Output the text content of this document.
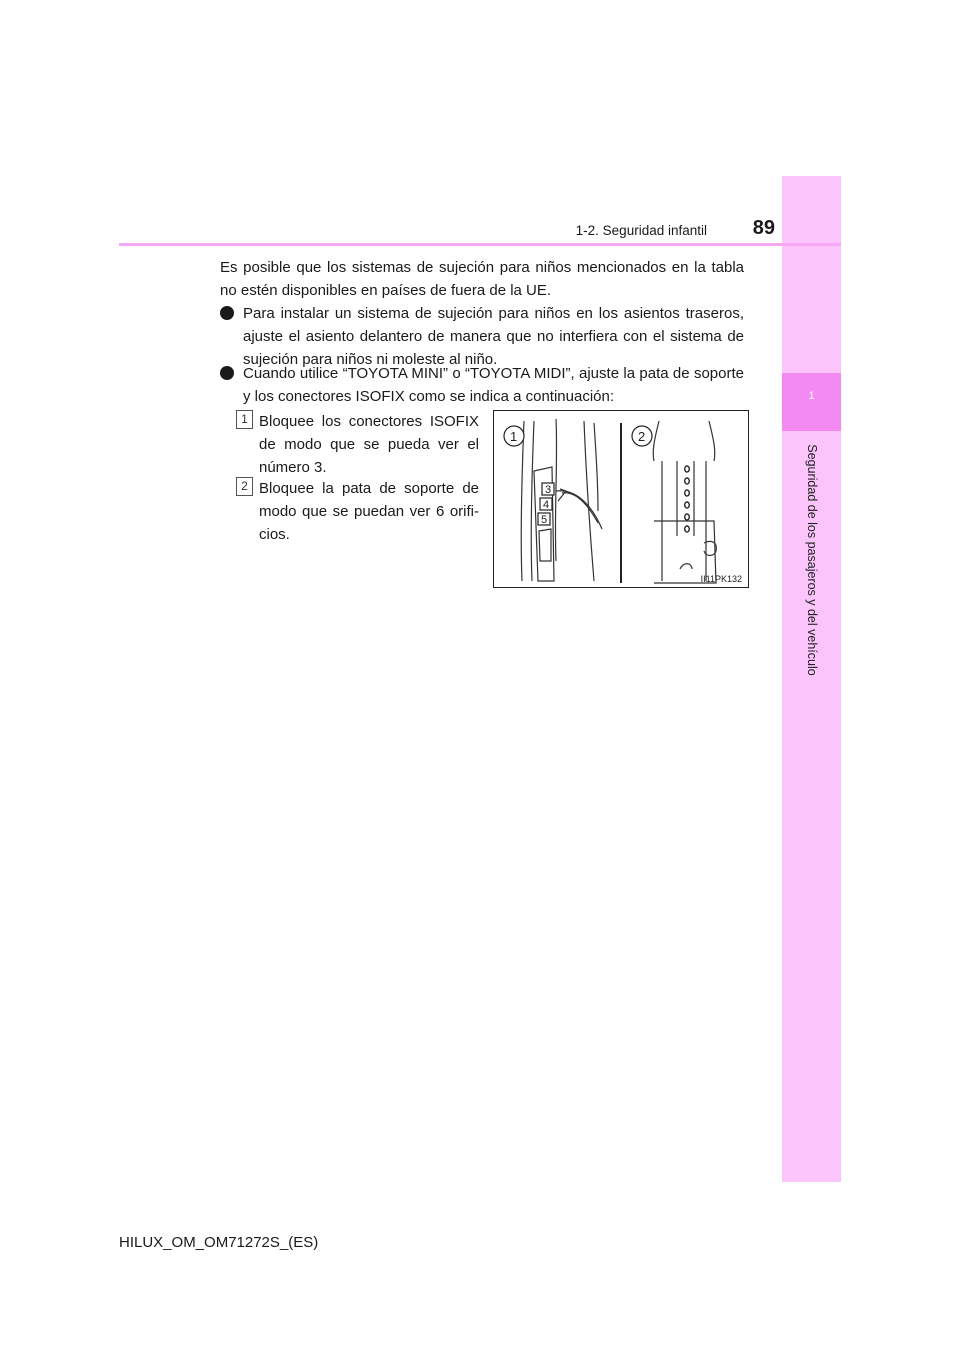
1
Seguridad de los pasajeros y del vehículo
1-2. Seguridad infantil	89

Es posible que los sistemas de sujeción para niños mencionados en la tabla no estén disponibles en países de fuera de la UE.

Para instalar un sistema de sujeción para niños en los asientos traseros, ajuste el asiento delantero de manera que no interfiera con el sistema de sujeción para niños ni moleste al niño.
Cuando utilice “TOYOTA MINI” o “TOYOTA MIDI”, ajuste la pata de soporte y los conectores ISOFIX como se indica a continuación:
1 Bloquee los conectores ISOFIX de modo que se pueda ver el número 3.
2 Bloquee la pata de soporte de modo que se puedan ver 6 orifi-cios.
3
4
5
1	2
II11PK132
HILUX_OM_OM71272S_(ES)
